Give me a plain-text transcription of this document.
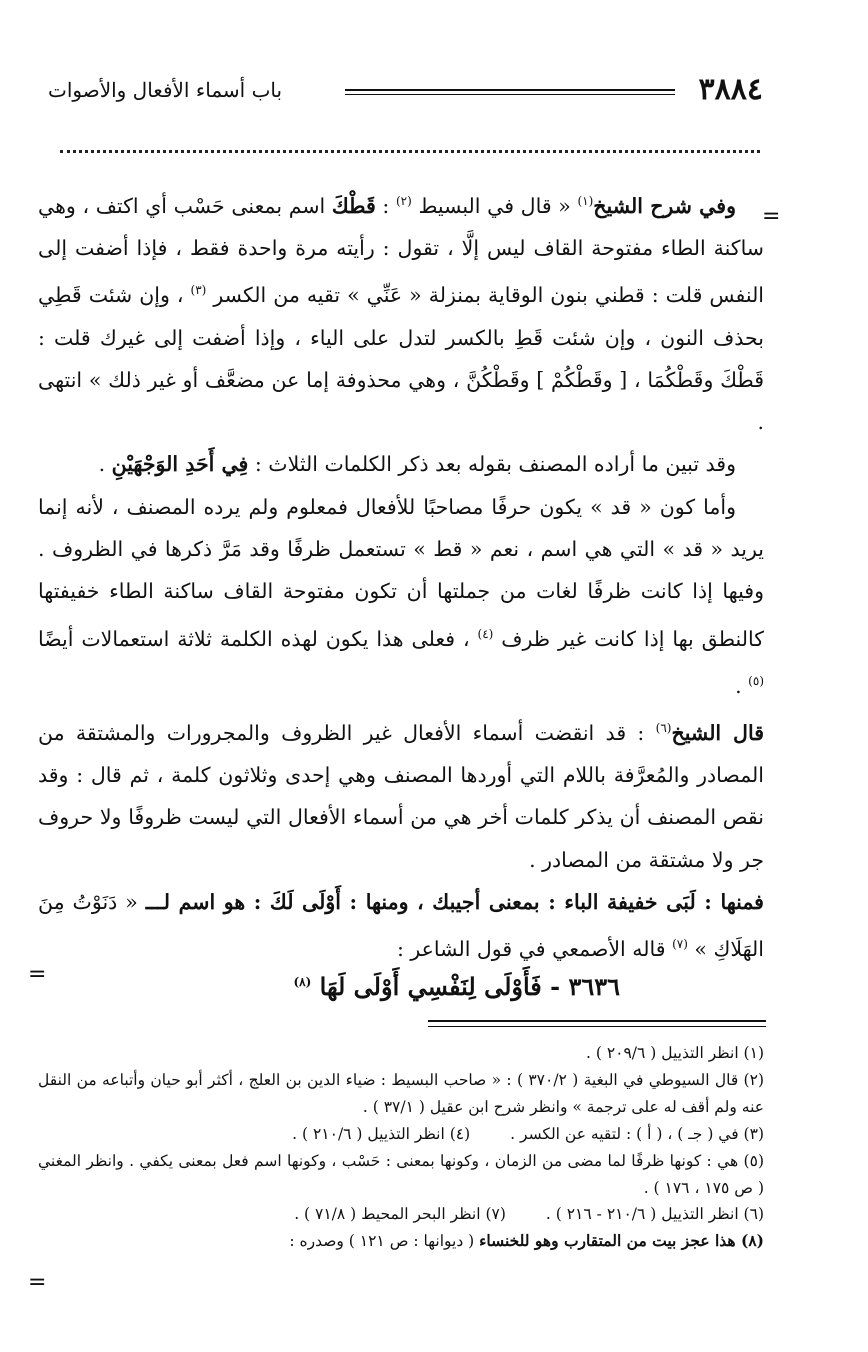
٣٨٨٤
باب أسماء الأفعال والأصوات
=
=
=

وفي شرح الشيخ$^{(١)}$ « قال في البسيط $^{(٢)}$ : قَطْكَ اسم بمعنى حَسْب أي اكتف ، وهي ساكنة الطاء مفتوحة القاف ليس إلَّا ، تقول : رأيته مرة واحدة فقط ، فإذا أضفت إلى النفس قلت : قطني بنون الوقاية بمنزلة « عَنِّي » تقيه من الكسر $^{(٣)}$ ، وإن شئت قَطِي بحذف النون ، وإن شئت قَطِ بالكسر لتدل على الياء ، وإذا أضفت إلى غيرك قلت : قَطْكَ وقَطْكُمَا ، [ وقَطْكُمْ ] وقَطْكُنَّ ، وهي محذوفة إما عن مضعَّف أو غير ذلك » انتهى .

وقد تبين ما أراده المصنف بقوله بعد ذكر الكلمات الثلاث : فِي أَحَدِ الوَجْهَيْنِ .

وأما كون « قد » يكون حرفًا مصاحبًا للأفعال فمعلوم ولم يرده المصنف ، لأنه إنما يريد « قد » التي هي اسم ، نعم « قط » تستعمل ظرفًا وقد مَرَّ ذكرها في الظروف . وفيها إذا كانت ظرفًا لغات من جملتها أن تكون مفتوحة القاف ساكنة الطاء خفيفتها كالنطق بها إذا كانت غير ظرف $^{(٤)}$ ، فعلى هذا يكون لهذه الكلمة ثلاثة استعمالات أيضًا $^{(٥)}$ .

قال الشيخ$^{(٦)}$ : قد انقضت أسماء الأفعال غير الظروف والمجرورات والمشتقة من المصادر والمُعرَّفة باللام التي أوردها المصنف وهي إحدى وثلاثون كلمة ، ثم قال : وقد نقص المصنف أن يذكر كلمات أخر هي من أسماء الأفعال التي ليست ظروفًا ولا حروف جر ولا مشتقة من المصادر .

فمنها : لَبَى خفيفة الباء : بمعنى أجيبك ، ومنها : أَوْلَى لَكَ : هو اسم لـــ « دَنَوْتُ مِنَ الهَلَاكِ » $^{(٧)}$ قاله الأصمعي في قول الشاعر :

٣٦٣٦ - فَأَوْلَى لِنَفْسِي أَوْلَى لَهَا $^{(٨)}$

(١) انظر التذييل ( ٢٠٩/٦ ) .

(٢) قال السيوطي في البغية ( ٣٧٠/٢ ) : « صاحب البسيط : ضياء الدين بن العلج ، أكثر أبو حيان وأتباعه من النقل عنه ولم أقف له على ترجمة » وانظر شرح ابن عقيل ( ٣٧/١ ) .

(٣) في ( جـ ) ، ( أ ) : لتقيه عن الكسر .(٤) انظر التذييل ( ٢١٠/٦ ) .

(٥) هي : كونها ظرفًا لما مضى من الزمان ، وكونها بمعنى : حَسْب ، وكونها اسم فعل بمعنى يكفي . وانظر المغني ( ص ١٧٥ ، ١٧٦ ) .

(٦) انظر التذييل ( ٢١٠/٦ - ٢١٦ ) .(٧) انظر البحر المحيط ( ٧١/٨ ) .

(٨) هذا عجز بيت من المتقارب وهو للخنساء ( ديوانها : ص ١٢١ ) وصدره :
